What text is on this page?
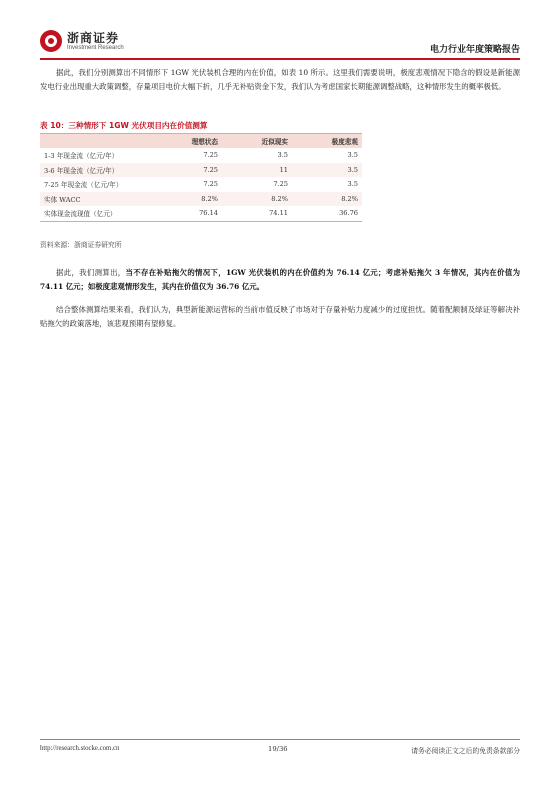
浙商证券
Investment Research	电力行业年度策略报告

据此，我们分别测算出不同情形下 1GW 光伏装机合理的内在价值，如表 10 所示。这里我们需要说明，极度悲观情况下隐含的假设是新能源发电行业出现重大政策调整，存量项目电价大幅下折，几乎无补贴资金下发，我们认为考虑国家长期能源调整战略，这种情形发生的概率极低。

表 10：三种情形下 1GW 光伏项目内在价值测算
	理想状态	近似现实	极度悲观
1-3 年现金流（亿元/年）	7.25	3.5	3.5
3-6 年现金流（亿元/年）	7.25	11	3.5
7-25 年现金流（亿元/年）	7.25	7.25	3.5
实体 WACC	8.2%	8.2%	8.2%
实体现金流现值（亿元）	76.14	74.11	36.76
资料来源：浙商证券研究所

据此，我们测算出，当不存在补贴拖欠的情况下，1GW 光伏装机的内在价值约为 76.14 亿元；考虑补贴拖欠 3 年情况，其内在价值为 74.11 亿元；如极度悲观情形发生，其内在价值仅为 36.76 亿元。

结合整体测算结果来看，我们认为，典型新能源运营标的当前市值反映了市场对于存量补贴力度减少的过度担忧。随着配额制及绿证等解决补贴拖欠的政策落地，该悲观预期有望修复。

http://research.stocke.com.cn	19/36	请务必阅读正文之后的免责条款部分
